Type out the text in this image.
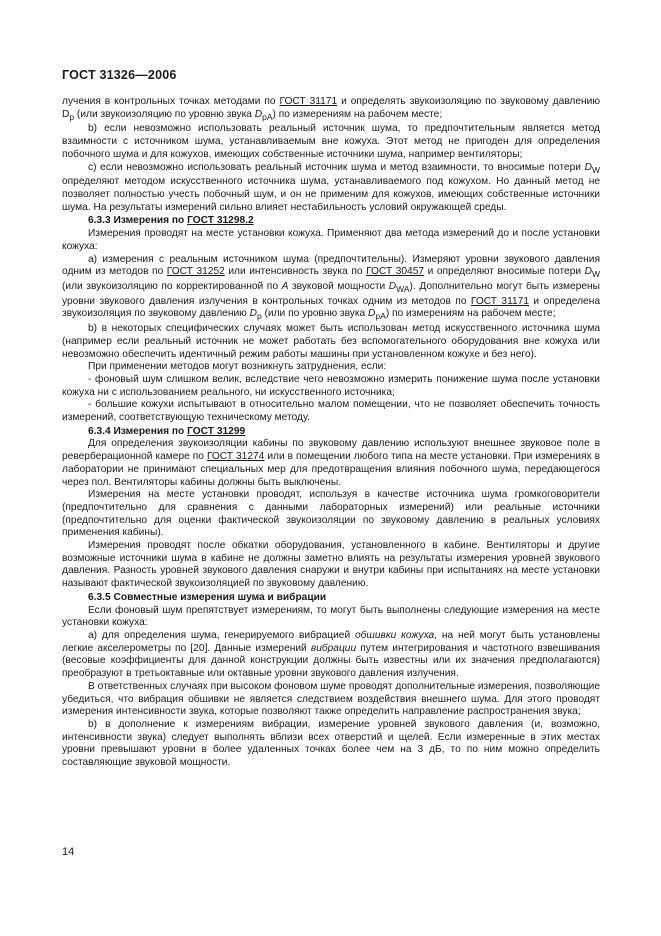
ГОСТ 31326—2006

лучения в контрольных точках методами по ГОСТ 31171 и определять звукоизоляцию по звуковому давлению $D_p$ (или звукоизоляцию по уровню звука $D_{pA}$) по измерениям на рабочем месте;

b) если невозможно использовать реальный источник шума, то предпочтительным является метод взаимности с источником шума, устанавливаемым вне кожуха. Этот метод не пригоден для определения побочного шума и для кожухов, имеющих собственные источники шума, например вентиляторы;

с) если невозможно использовать реальный источник шума и метод взаимности, то вносимые потери $D_W$ определяют методом искусственного источника шума, устанавливаемого под кожухом. Но данный метод не позволяет полностью учесть побочный шум, и он не применим для кожухов, имеющих собственные источники шума. На результаты измерений сильно влияет нестабильность условий окружающей среды.

6.3.3 Измерения по ГОСТ 31298.2

Измерения проводят на месте установки кожуха. Применяют два метода измерений до и после установки кожуха:

a) измерения с реальным источником шума (предпочтительны). Измеряют уровни звукового давления одним из методов по ГОСТ 31252 или интенсивность звука по ГОСТ 30457 и определяют вносимые потери $D_W$ (или звукоизоляцию по корректированной по А звуковой мощности $D_{WA}$). Дополнительно могут быть измерены уровни звукового давления излучения в контрольных точках одним из методов по ГОСТ 31171 и определена звукоизоляция по звуковому давлению $D_p$ (или по уровню звука $D_{pA}$) по измерениям на рабочем месте;

b) в некоторых специфических случаях может быть использован метод искусственного источника шума (например если реальный источник не может работать без вспомогательного оборудования вне кожуха или невозможно обеспечить идентичный режим работы машины при установленном кожухе и без него).

При применении методов могут возникнуть затруднения, если:

- фоновый шум слишком велик, вследствие чего невозможно измерить понижение шума после установки кожуха ни с использованием реального, ни искусственного источника;

- большие кожухи испытывают в относительно малом помещении, что не позволяет обеспечить точность измерений, соответствующую техническому методу.

6.3.4 Измерения по ГОСТ 31299

Для определения звукоизоляции кабины по звуковому давлению используют внешнее звуковое поле в реверберационной камере по ГОСТ 31274 или в помещении любого типа на месте установки. При измерениях в лаборатории не принимают специальных мер для предотвращения влияния побочного шума, передающегося через пол. Вентиляторы кабины должны быть выключены.

Измерения на месте установки проводят, используя в качестве источника шума громкоговорители (предпочтительно для сравнения с данными лабораторных измерений) или реальные источники (предпочтительно для оценки фактической звукоизоляции по звуковому давлению в реальных условиях применения кабины).

Измерения проводят после обкатки оборудования, установленного в кабине. Вентиляторы и другие возможные источники шума в кабине не должны заметно влиять на результаты измерения уровней звукового давления. Разность уровней звукового давления снаружи и внутри кабины при испытаниях на месте установки называют фактической звукоизоляцией по звуковому давлению.

6.3.5 Совместные измерения шума и вибрации

Если фоновый шум препятствует измерениям, то могут быть выполнены следующие измерения на месте установки кожуха:

a) для определения шума, генерируемого вибрацией обшивки кожуха, на ней могут быть установлены легкие акселерометры по [20]. Данные измерений вибрации путем интегрирования и частотного взвешивания (весовые коэффициенты для данной конструкции должны быть известны или их значения предполагаются) преобразуют в третьоктавные или октавные уровни звукового давления излучения.

В ответственных случаях при высоком фоновом шуме проводят дополнительные измерения, позволяющие убедиться, что вибрация обшивки не является следствием воздействия внешнего шума. Для этого проводят измерения интенсивности звука, которые позволяют также определить направление распространения звука;

b) в дополнение к измерениям вибрации, измерение уровней звукового давления (и, возможно, интенсивности звука) следует выполнять вблизи всех отверстий и щелей. Если измеренные в этих местах уровни превышают уровни в более удаленных точках более чем на 3 дБ, то по ним можно определить составляющие звуковой мощности.

14
